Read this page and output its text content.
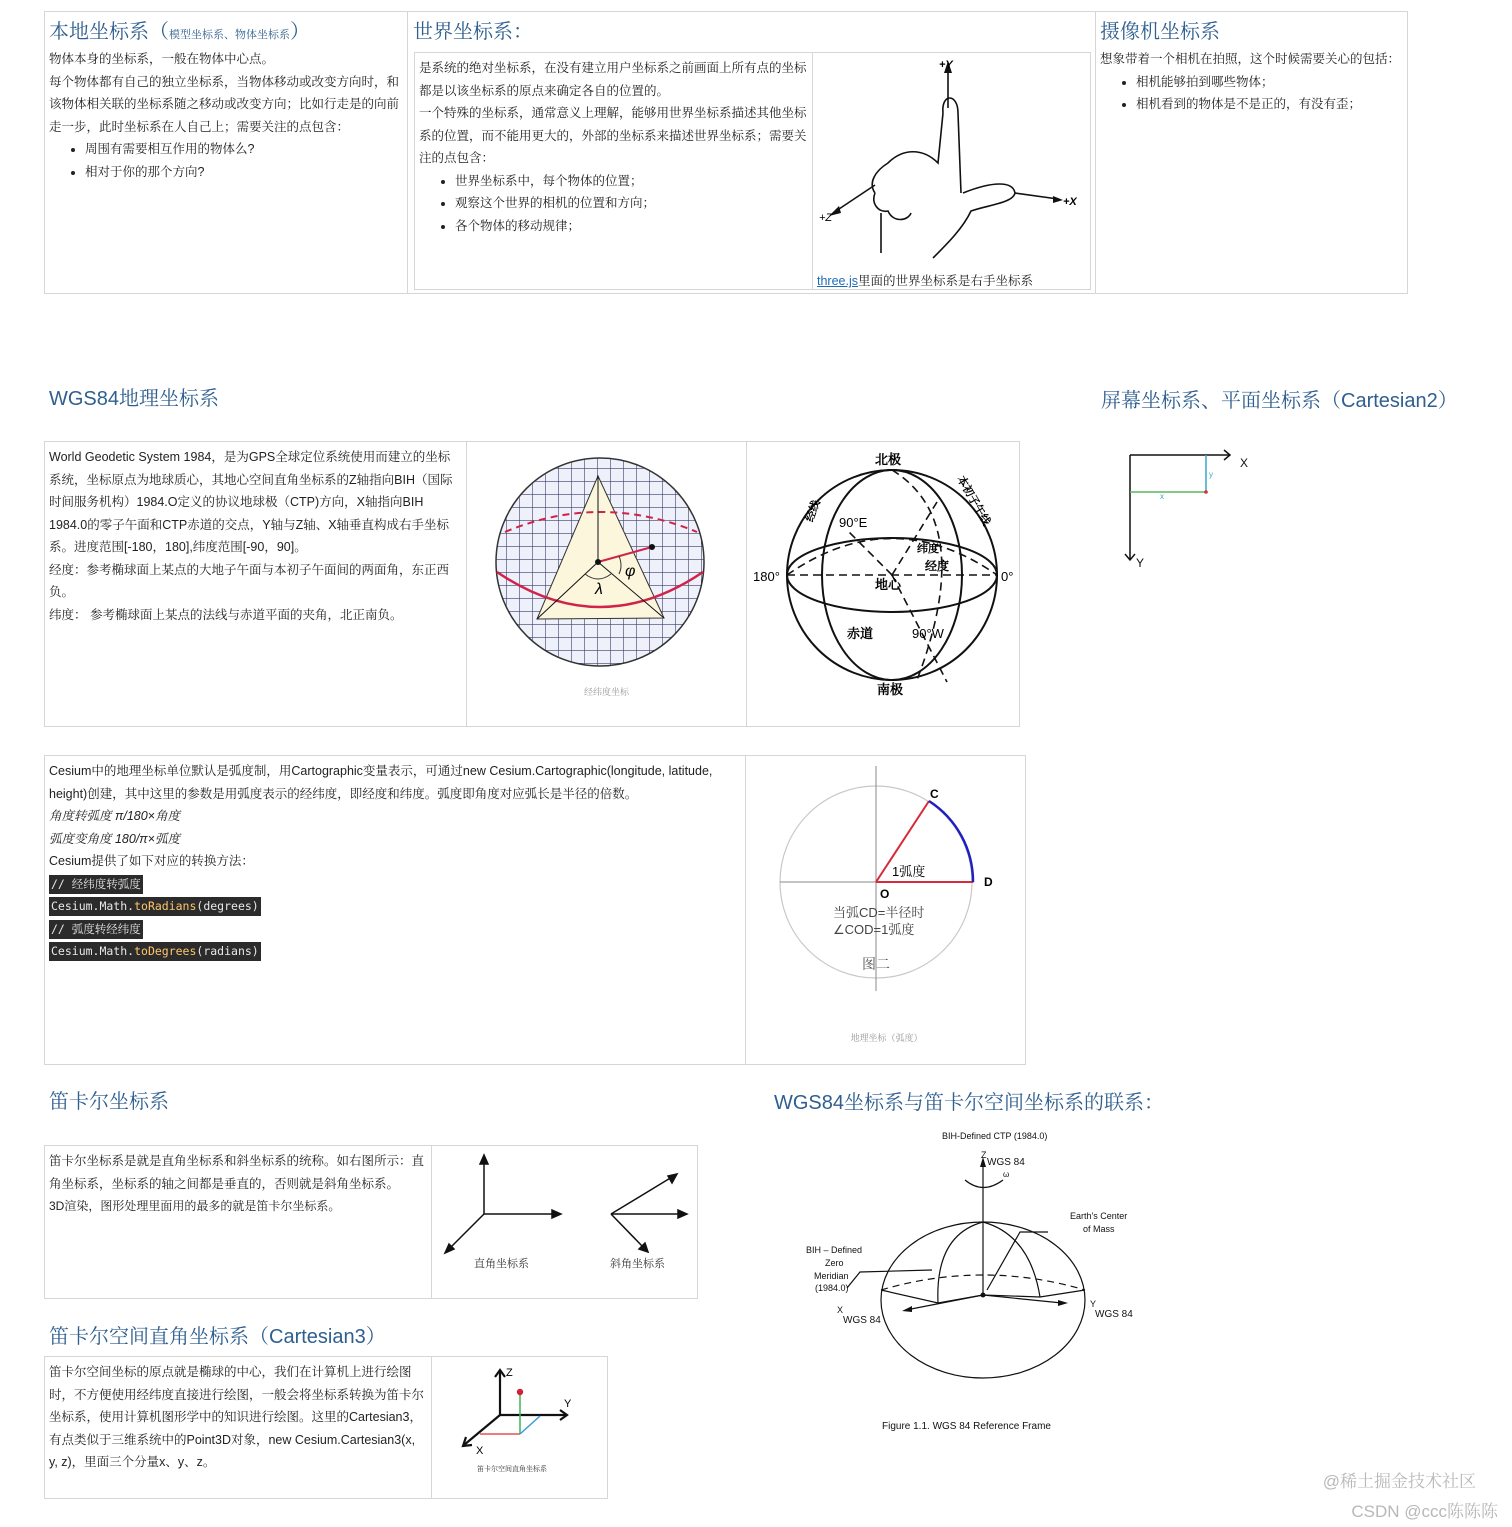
本地坐标系（模型坐标系、物体坐标系）
物体本身的坐标系，一般在物体中心点。
每个物体都有自己的独立坐标系，当物体移动或改变方向时，和该物体相关联的坐标系随之移动或改变方向；比如行走是的向前走一步，此时坐标系在人自己上；需要关注的点包含：
• 周围有需要相互作用的物体么?
• 相对于你的那个方向?
世界坐标系：
是系统的绝对坐标系，在没有建立用户坐标系之前画面上所有点的坐标都是以该坐标系的原点来确定各自的位置的。
一个特殊的坐标系，通常意义上理解，能够用世界坐标系描述其他坐标系的位置，而不能用更大的，外部的坐标系来描述世界坐标系；需要关注的点包含：
• 世界坐标系中，每个物体的位置；
• 观察这个世界的相机的位置和方向；
• 各个物体的移动规律；
+Y
+X
+Z
three.js里面的世界坐标系是右手坐标系
摄像机坐标系
想象带着一个相机在拍照，这个时候需要关心的包括：
• 相机能够拍到哪些物体；
• 相机看到的物体是不是正的，有没有歪；
WGS84地理坐标系
World Geodetic System 1984，是为GPS全球定位系统使用而建立的坐标系统，坐标原点为地球质心，其地心空间直角坐标系的Z轴指向BIH（国际时间服务机构）1984.O定义的协议地球极（CTP)方向，X轴指向BIH 1984.0的零子午面和CTP赤道的交点，Y轴与Z轴、X轴垂直构成右手坐标系。进度范围[-180，180],纬度范围[-90，90]。
经度：参考椭球面上某点的大地子午面与本初子午面间的两面角，东正西负。
纬度： 参考椭球面上某点的法线与赤道平面的夹角，北正南负。
λ
φ
经纬度坐标
北极
南极
180°	0°
90°E
90°W
地心
赤道
纬度
经度
经线	本初子午线
屏幕坐标系、平面坐标系（Cartesian2）
X
Y
x
y
Cesium中的地理坐标单位默认是弧度制，用Cartographic变量表示，可通过new Cesium.Cartographic(longitude, latitude, height)创建，其中这里的参数是用弧度表示的经纬度，即经度和纬度。弧度即角度对应弧长是半径的倍数。
角度转弧度 π/180×角度
弧度变角度 180/π×弧度
Cesium提供了如下对应的转换方法：
// 经纬度转弧度
Cesium.Math.toRadians(degrees)
// 弧度转经纬度
Cesium.Math.toDegrees(radians)
C
D
O
1弧度
当弧CD=半径时
∠COD=1弧度
图二
地理坐标（弧度）
笛卡尔坐标系
笛卡尔坐标系是就是直角坐标系和斜坐标系的统称。如右图所示：直角坐标系，坐标系的轴之间都是垂直的，否则就是斜角坐标系。
3D渲染，图形处理里面用的最多的就是笛卡尔坐标系。
直角坐标系	斜角坐标系
WGS84坐标系与笛卡尔空间坐标系的联系：
BIH-Defined CTP (1984.0)
Z
WGS 84
ω
Earth's Center
of Mass
BIH – Defined
Zero
Meridian
(1984.0)
X
WGS 84
Y
WGS 84
Figure 1.1. WGS 84 Reference Frame
笛卡尔空间直角坐标系（Cartesian3）
笛卡尔空间坐标的原点就是椭球的中心，我们在计算机上进行绘图时，不方便使用经纬度直接进行绘图，一般会将坐标系转换为笛卡尔坐标系，使用计算机图形学中的知识进行绘图。这里的Cartesian3，有点类似于三维系统中的Point3D对象，new Cesium.Cartesian3(x, y, z)，里面三个分量x、y、z。
Z
Y
X
笛卡尔空间直角坐标系
@稀土掘金技术社区
CSDN @ccc陈陈陈
